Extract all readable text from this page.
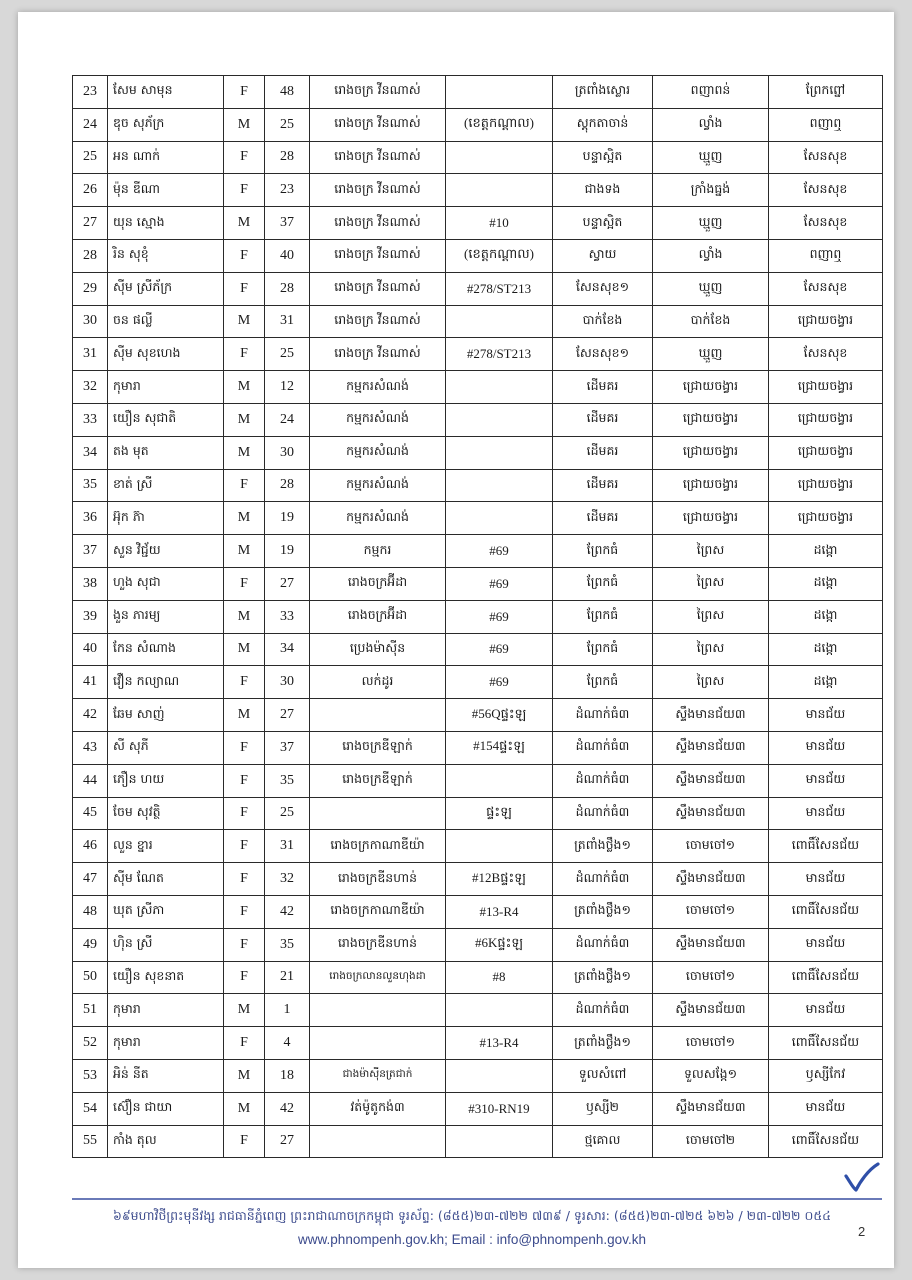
23	សែម សាមុន	F	48	រោងចក្រ វីនណាស់		ត្រពាំងស្លោរ	ពញាពន់	ព្រែកព្នៅ
24	ឌុច សុភ័ក្រ	M	25	រោងចក្រ វីនណាស់	(ខេត្តកណ្តាល)	ស្តុកតាចាន់	ល្វាំង	ពញាឮ
25	អន ណាក់	F	28	រោងចក្រ វីនណាស់		បន្ទាស្អិត	ឃ្មួញ	សែនសុខ
26	ម៉ុន ឌីណា	F	23	រោងចក្រ វីនណាស់		ជាងទង	ក្រាំងធ្នង់	សែនសុខ
27	យុន ស្មោង	M	37	រោងចក្រ វីនណាស់	#10	បន្ទាស្អិត	ឃ្មួញ	សែនសុខ
28	រិន សុខុំ	F	40	រោងចក្រ វីនណាស់	(ខេត្តកណ្តាល)	ស្វាយ	ល្វាំង	ពញាឮ
29	ស៊ីម ស្រីភ័ក្រ	F	28	រោងចក្រ វីនណាស់	#278/ST213	សែនសុខ១	ឃ្មួញ	សែនសុខ
30	ចន ផល្លី	M	31	រោងចក្រ វីនណាស់		បាក់ខែង	បាក់ខែង	ជ្រោយចង្វារ
31	ស៊ីម សុខហេង	F	25	រោងចក្រ វីនណាស់	#278/ST213	សែនសុខ១	ឃ្មួញ	សែនសុខ
32	កុមារា	M	12	កម្មករសំណង់		ដើមគរ	ជ្រោយចង្វារ	ជ្រោយចង្វារ
33	យឿន សុជាតិ	M	24	កម្មករសំណង់		ដើមគរ	ជ្រោយចង្វារ	ជ្រោយចង្វារ
34	តង មុត	M	30	កម្មករសំណង់		ដើមគរ	ជ្រោយចង្វារ	ជ្រោយចង្វារ
35	ខាត់ ស្រី	F	28	កម្មករសំណង់		ដើមគរ	ជ្រោយចង្វារ	ជ្រោយចង្វារ
36	អ៊ុក ភ៊ា	M	19	កម្មករសំណង់		ដើមគរ	ជ្រោយចង្វារ	ជ្រោយចង្វារ
37	សួន វិជ្ជ័យ	M	19	កម្មករ	#69	ព្រែកធំ	ព្រៃស	ដង្កោ
38	ហួង សុជា	F	27	រោងចក្រអ៊ីដា	#69	ព្រែកធំ	ព្រៃស	ដង្កោ
39	ងួន ភារម្យ	M	33	រោងចក្រអ៊ីដា	#69	ព្រែកធំ	ព្រៃស	ដង្កោ
40	កែន សំណាង	M	34	ប្រេងម៉ាស៊ីន	#69	ព្រែកធំ	ព្រៃស	ដង្កោ
41	វឿន កល្យាណ	F	30	លក់ដូរ	#69	ព្រែកធំ	ព្រៃស	ដង្កោ
42	ឆែម សាញ់	M	27		#56Qផ្ទះឡ	ដំណាក់ធំ៣	ស្ទឹងមានជ័យ៣	មានជ័យ
43	សី សុភី	F	37	រោងចក្រឌីឡាក់	#154ផ្ទះឡ	ដំណាក់ធំ៣	ស្ទឹងមានជ័យ៣	មានជ័យ
44	ភឿន ហយ	F	35	រោងចក្រឌីឡាក់		ដំណាក់ធំ៣	ស្ទឹងមានជ័យ៣	មានជ័យ
45	ចែម សុវត្ថិ	F	25		ផ្ទះឡ	ដំណាក់ធំ៣	ស្ទឹងមានជ័យ៣	មានជ័យ
46	លួន ខ្នារ	F	31	រោងចក្រកាណាឌីយ៉ា		ត្រពាំងថ្លឹង១	ចោមចៅ១	ពោធិ៍សែនជ័យ
47	ស៊ីម ណែត	F	32	រោងចក្រឌីនហាន់	#12Bផ្ទះឡ	ដំណាក់ធំ៣	ស្ទឹងមានជ័យ៣	មានជ័យ
48	ឃុត ស្រីភា	F	42	រោងចក្រកាណាឌីយ៉ា	#13-R4	ត្រពាំងថ្លឹង១	ចោមចៅ១	ពោធិ៍សែនជ័យ
49	ហ៊ិន ស្រី	F	35	រោងចក្រឌីនហាន់	#6Kផ្ទះឡ	ដំណាក់ធំ៣	ស្ទឹងមានជ័យ៣	មានជ័យ
50	យឿន សុខនាត	F	21	រោងចក្រលានលួនហុងដា	#8	ត្រពាំងថ្លឹង១	ចោមចៅ១	ពោធិ៍សែនជ័យ
51	កុមារា	M	1			ដំណាក់ធំ៣	ស្ទឹងមានជ័យ៣	មានជ័យ
52	កុមារា	F	4		#13-R4	ត្រពាំងថ្លឹង១	ចោមចៅ១	ពោធិ៍សែនជ័យ
53	អិន់ នីត	M	18	ជាងម៉ាស៊ីនត្រជាក់		ទួលសំពៅ	ទួលសង្កែ១	ឫស្សីកែវ
54	ស៊ឿន ជាយា	M	42	វត់ម៉ូតូកង់៣	#310-RN19	ឫស្សី២	ស្ទឹងមានជ័យ៣	មានជ័យ
55	កាំង តុល	F	27			ថ្មគោល	ចោមចៅ២	ពោធិ៍សែនជ័យ
៦៩មហាវិថីព្រះមុនីវង្ស រាជធានីភ្នំពេញ ព្រះរាជាណាចក្រកម្ពុជា ទូរស័ព្ទ: (៨៥៥)២៣-៧២២ ៧៣៩ / ទូរសារ: (៨៥៥)២៣-៧២៥ ៦២៦ / ២៣-៧២២ ០៥៤
www.phnompenh.gov.kh; Email : info@phnompenh.gov.kh
2
